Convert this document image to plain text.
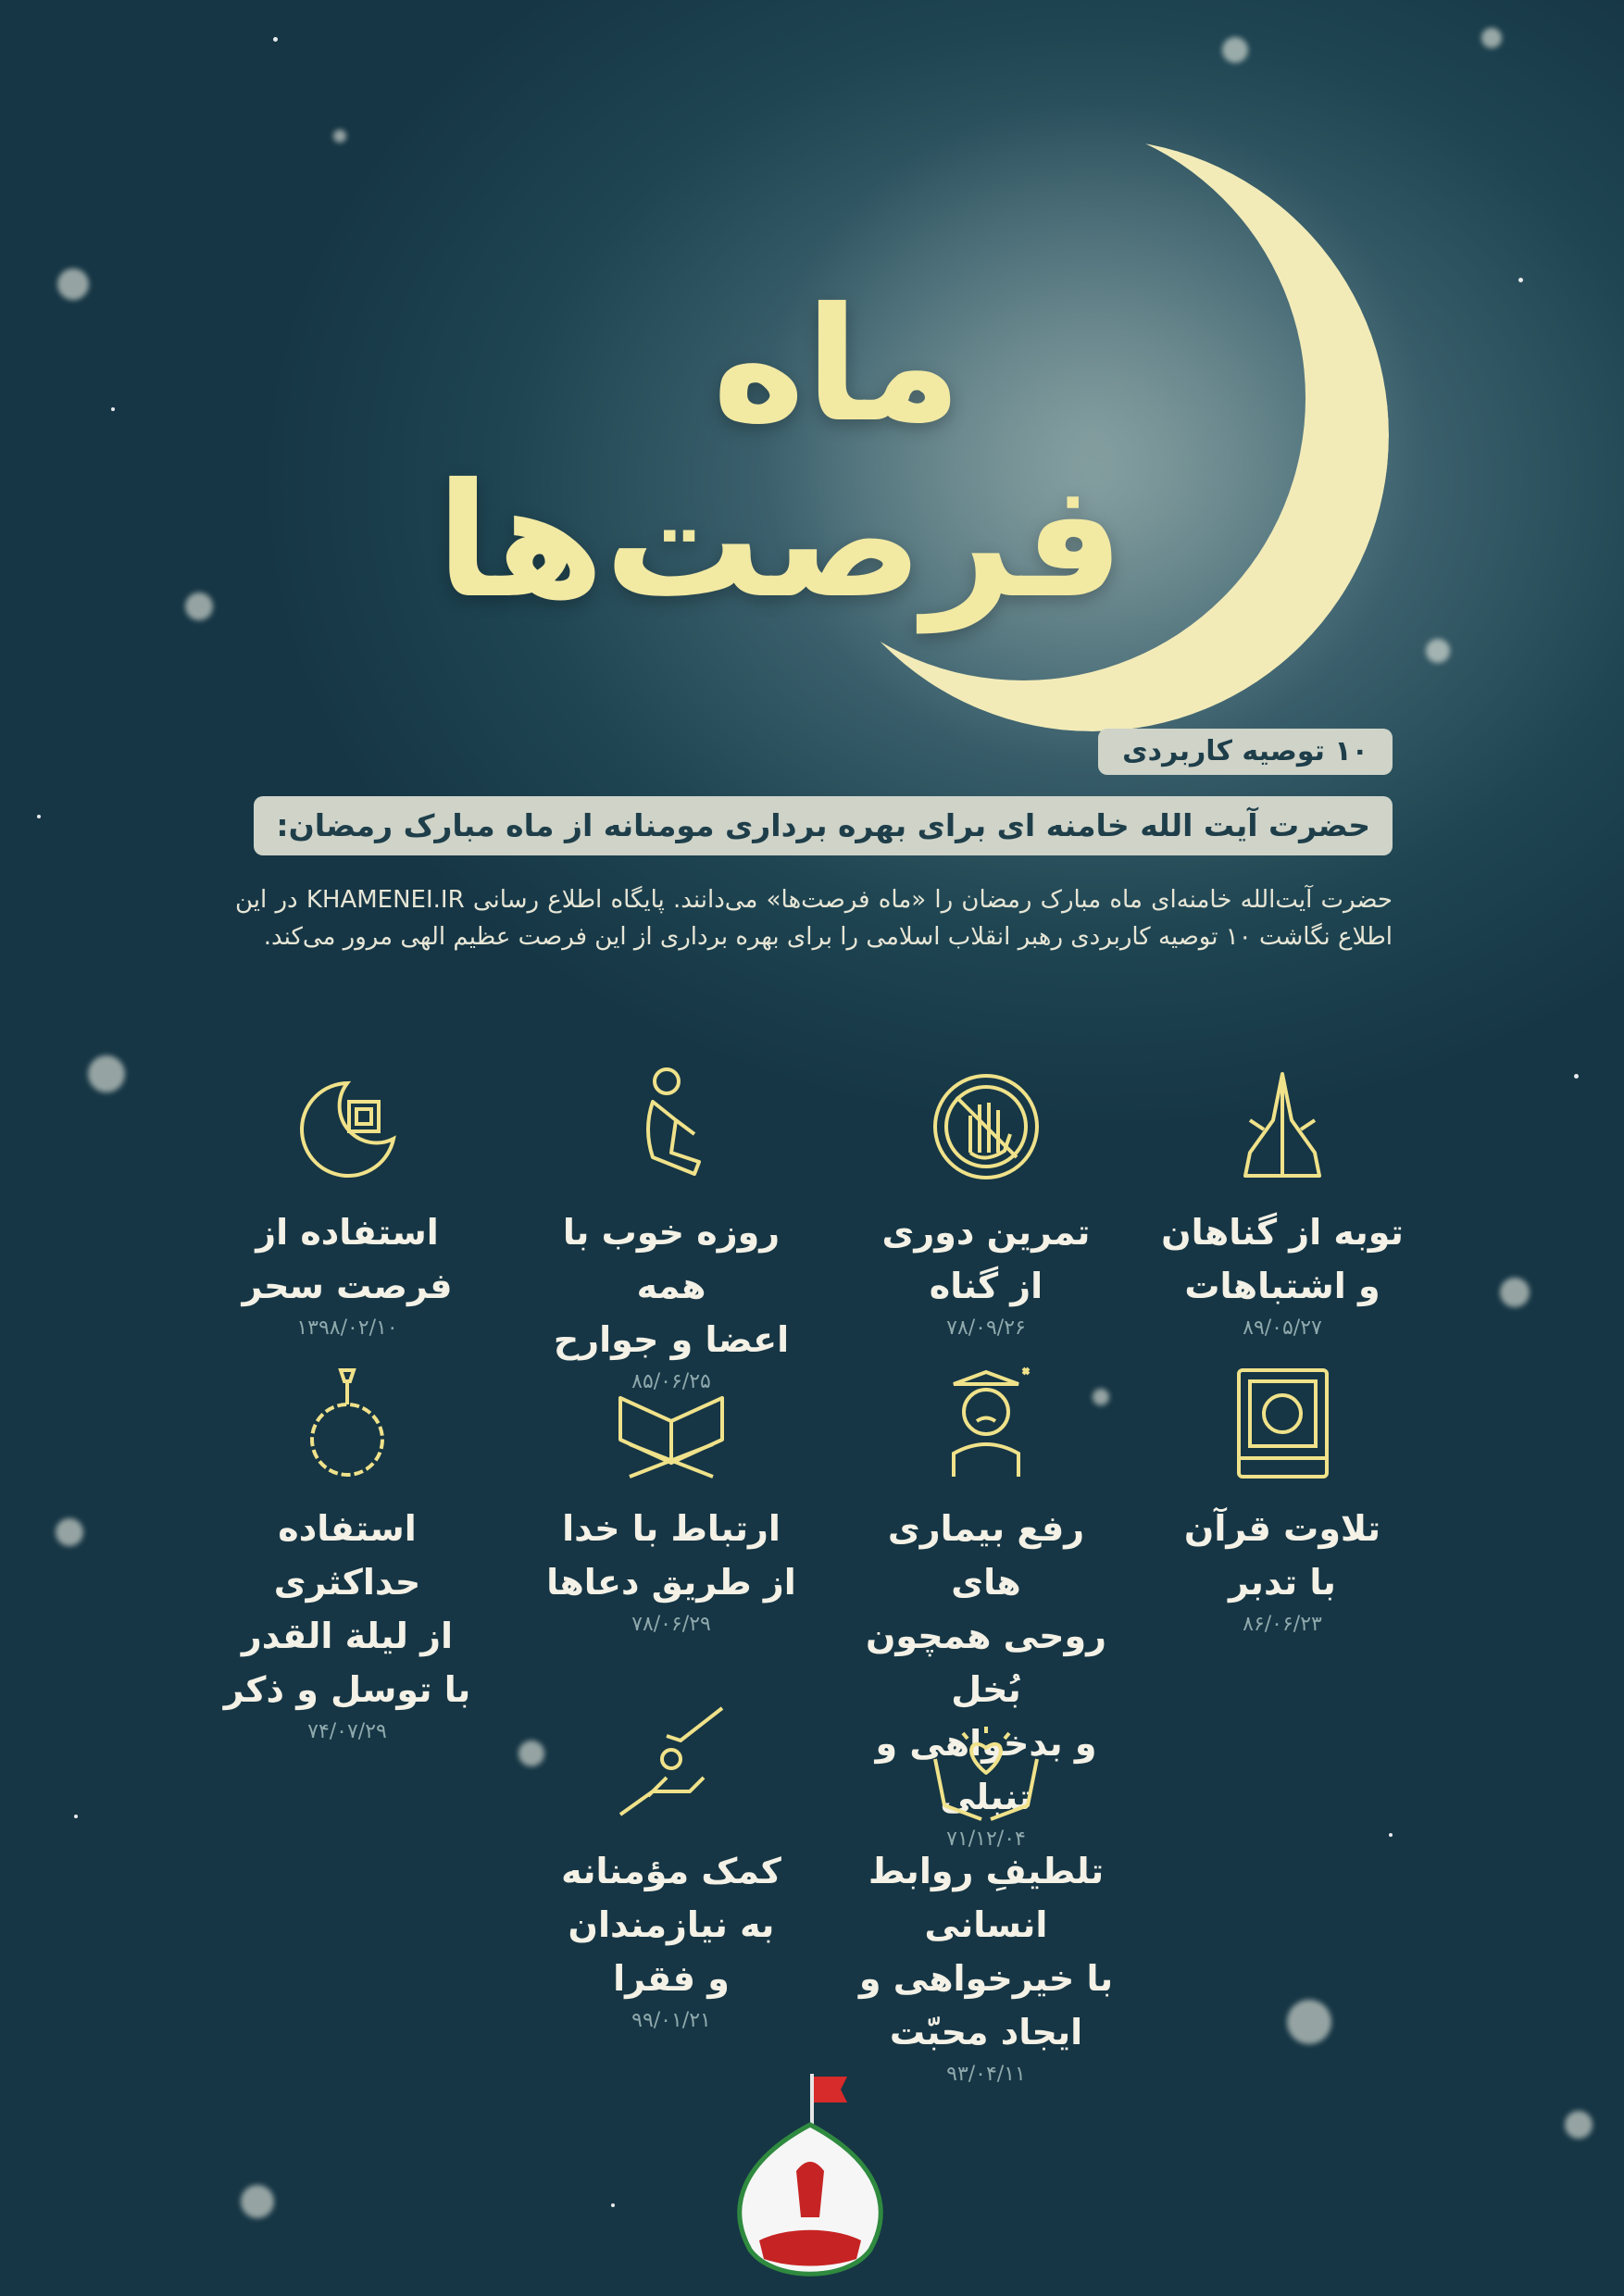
ماه فرصت‌ها
۱۰ توصیه کاربردی
حضرت آیت الله خامنه ای برای بهره برداری مومنانه از ماه مبارک رمضان:
حضرت آیت‌الله خامنه‌ای ماه مبارک رمضان را «ماه فرصت‌ها» می‌دانند. پایگاه اطلاع رسانی KHAMENEI.IR در این اطلاع نگاشت ۱۰ توصیه کاربردی رهبر انقلاب اسلامی را برای بهره برداری از این فرصت عظیم الهی مرور می‌کند.
توبه از گناهان
و اشتباهات
۸۹/۰۵/۲۷
تمرین دوری
از گناه
۷۸/۰۹/۲۶
روزه خوب با همه
اعضا و جوارح
۸۵/۰۶/۲۵
استفاده از
فرصت سحر
۱۳۹۸/۰۲/۱۰
تلاوت قرآن
با تدبر
۸۶/۰۶/۲۳
رفع بیماری های
روحی همچون بُخل
و بدخواهی و تنبلی
۷۱/۱۲/۰۴
ارتباط با خدا
از طریق دعاها
۷۸/۰۶/۲۹
استفاده حداکثری
از لیلة القدر
با توسل و ذکر
۷۴/۰۷/۲۹
تلطیفِ روابط انسانی
با خیرخواهی و
ایجاد محبّت
۹۳/۰۴/۱۱
کمک مؤمنانه
به نیازمندان
و فقرا
۹۹/۰۱/۲۱
